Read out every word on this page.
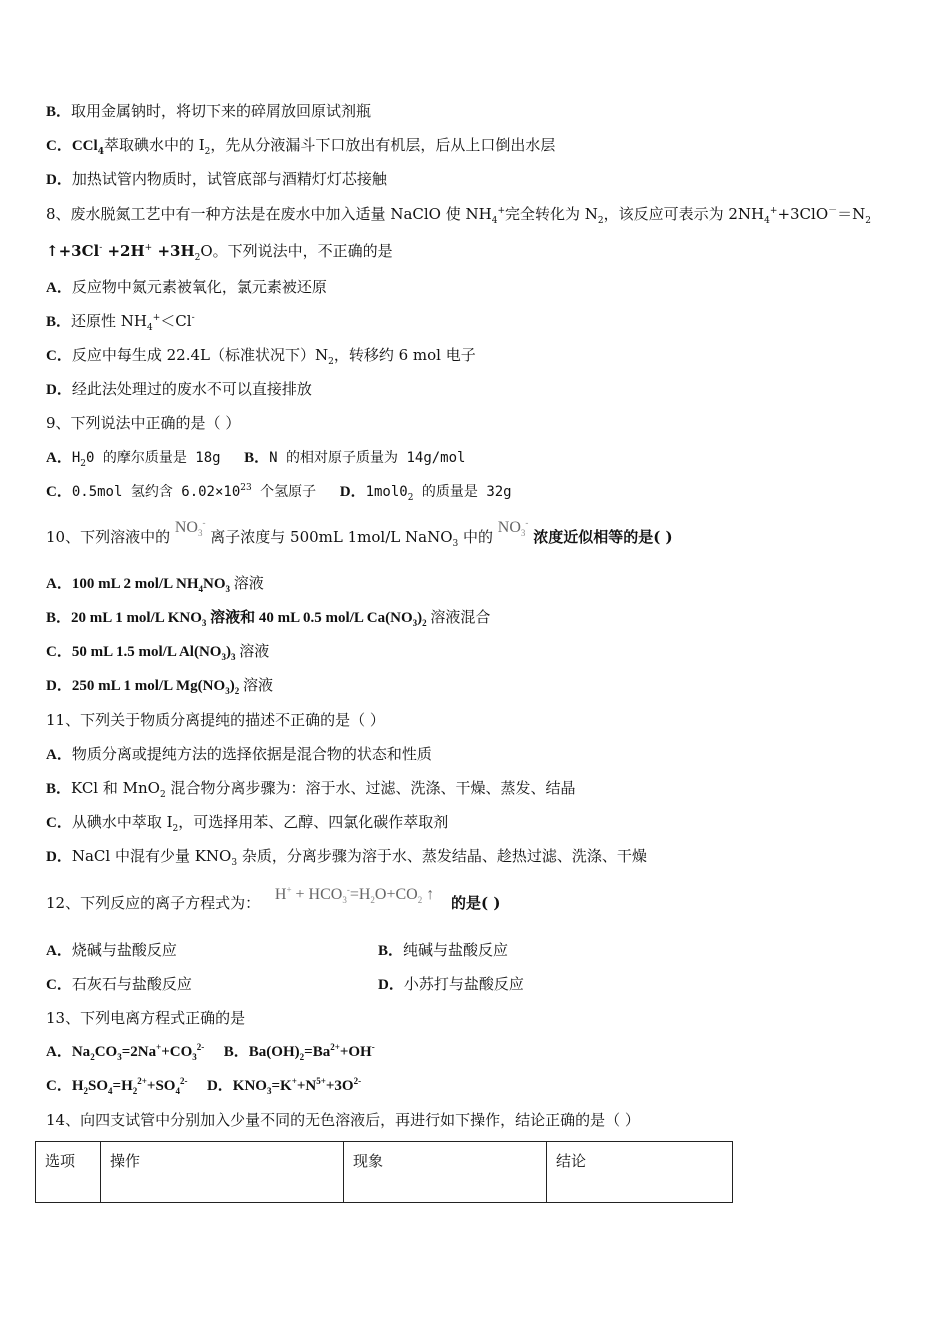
B．取用金属钠时，将切下来的碎屑放回原试剂瓶
C．CCl$_4$萃取碘水中的 $I_2$，先从分液漏斗下口放出有机层，后从上口倒出水层
D．加热试管内物质时，试管底部与酒精灯灯芯接触
8、废水脱氮工艺中有一种方法是在废水中加入适量 NaClO 使 $NH_4^+$完全转化为 $N_2$，该反应可表示为 $2NH_4^++3ClO^-=N_2$
↑+3Cl- $+2H^+ +3H_2O$。下列说法中，不正确的是
A．反应物中氮元素被氧化，氯元素被还原
B．还原性 $NH_4^+<Cl^-$
C．反应中每生成 22.4L（标准状况下）$N_2$，转移约 6 mol 电子
D．经此法处理过的废水不可以直接排放
9、下列说法中正确的是（ ）
A．$H_20$ 的摩尔质量是 18g B．N 的相对原子质量为 14g/mol
C．0.5mol 氢约含 $6.02\times 10^{23}$ 个氢原子 D．$1mol0_2$ 的质量是 32g
10、下列溶液中的 $NO_3^-$ 离子浓度与 500mL 1mol/L NaNO$_3$ 中的 $NO_3^-$ 浓度近似相等的是( )
A．100 mL 2 mol/L $NH_4NO_3$ 溶液
B．20 mL 1 mol/L $KNO_3$ 溶液和 40 mL 0.5 mol/L $Ca(NO_3)_2$ 溶液混合
C．50 mL 1.5 mol/L $Al(NO_3)_3$ 溶液
D．250 mL 1 mol/L $Mg(NO_3)_2$ 溶液
11、下列关于物质分离提纯的描述不正确的是（ ）
A．物质分离或提纯方法的选择依据是混合物的状态和性质
B．KCl 和 MnO$_2$ 混合物分离步骤为：溶于水、过滤、洗涤、干燥、蒸发、结晶
C．从碘水中萃取 $I_2$，可选择用苯、乙醇、四氯化碳作萃取剂
D．NaCl 中混有少量 $KNO_3$ 杂质，分离步骤为溶于水、蒸发结晶、趁热过滤、洗涤、干燥
12、下列反应的离子方程式为： $H^+ + HCO_3^-=H_2O+CO_2$ ↑ 的是( )
A．烧碱与盐酸反应	B．纯碱与盐酸反应
C．石灰石与盐酸反应	D．小苏打与盐酸反应
13、下列电离方程式正确的是
A．$Na_2CO_3=2Na^++CO_3^{2-}$ B．$Ba(OH)_2=Ba^{2+}+OH^-$
C．$H_2SO_4=H_2^{2+}+SO_4^{2-}$ D．$KNO_3=K^++N^{5+}+3O^{2-}$
14、向四支试管中分别加入少量不同的无色溶液后，再进行如下操作，结论正确的是（ ）
选项	操作	现象	结论
